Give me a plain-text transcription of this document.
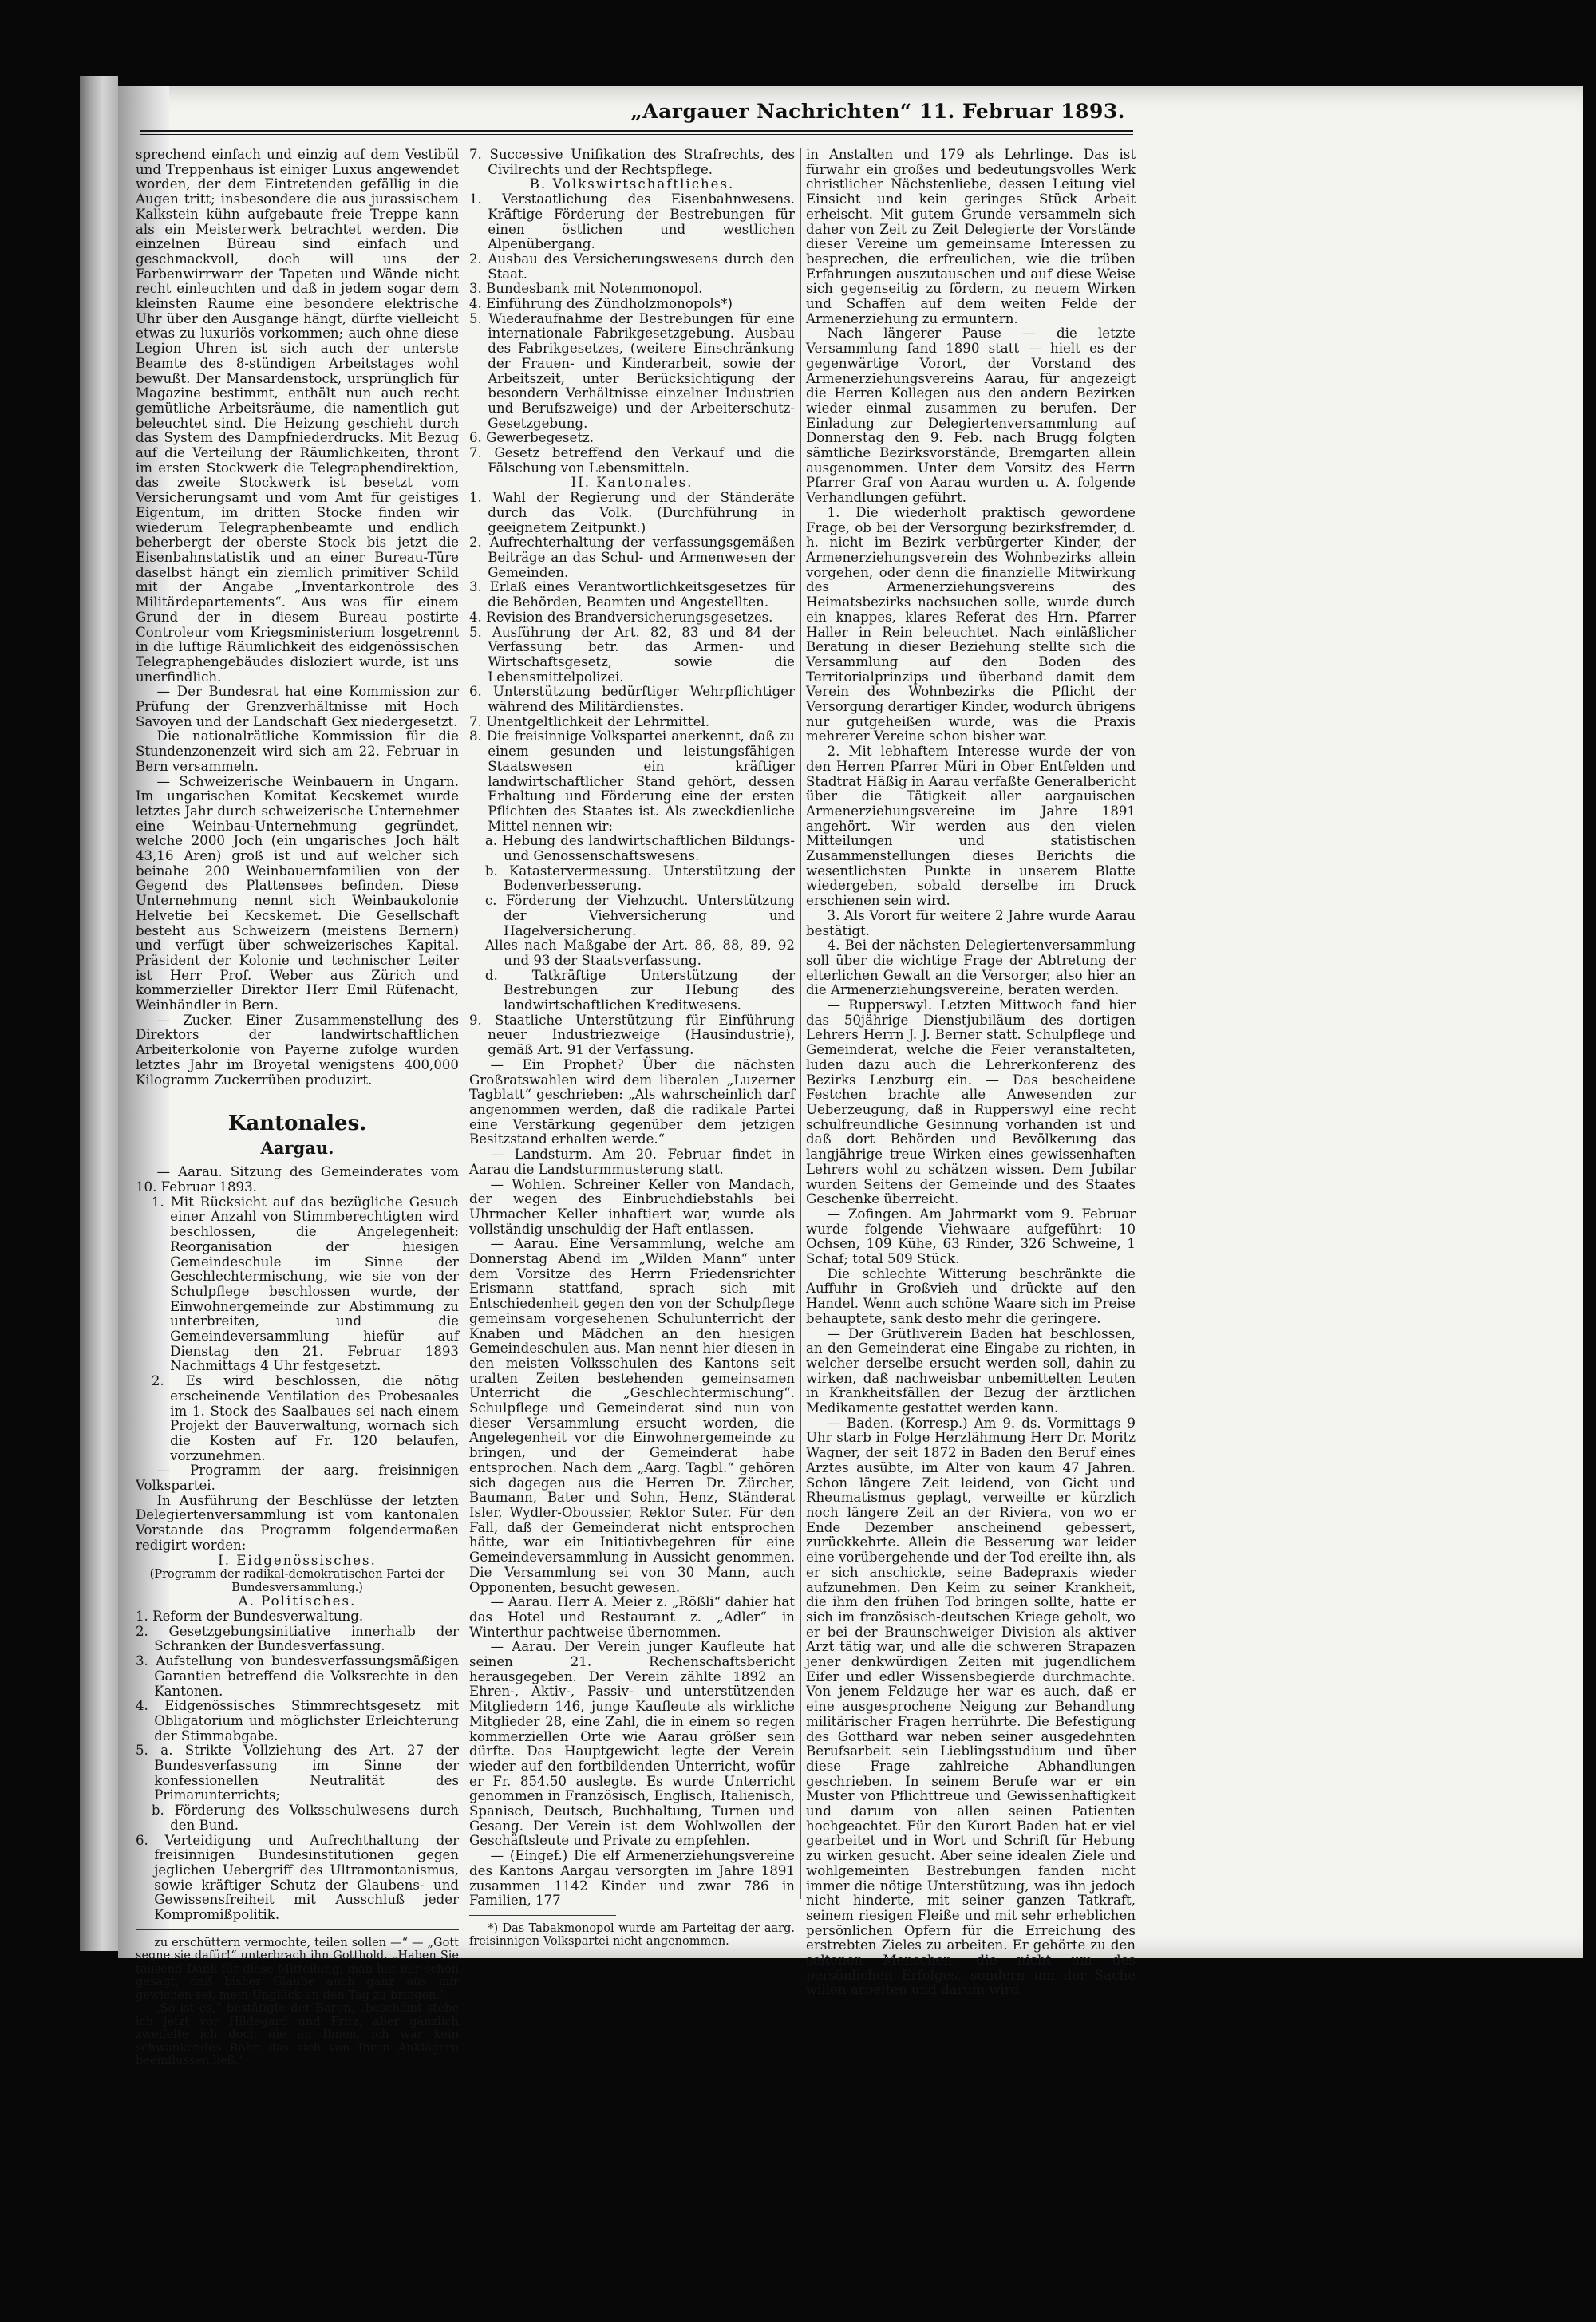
„Aargauer Nachrichten“ 11. Februar 1893.

sprechend einfach und einzig auf dem Vestibül und Treppenhaus ist einiger Luxus angewendet worden, der dem Eintretenden gefällig in die Augen tritt; insbesondere die aus jurassischem Kalkstein kühn aufgebaute freie Treppe kann als ein Meisterwerk betrachtet werden. Die einzelnen Büreau sind einfach und geschmackvoll, doch will uns der Farbenwirrwarr der Tapeten und Wände nicht recht einleuchten und daß in jedem sogar dem kleinsten Raume eine besondere elektrische Uhr über den Ausgange hängt, dürfte vielleicht etwas zu luxuriös vorkommen; auch ohne diese Legion Uhren ist sich auch der unterste Beamte des 8-stündigen Arbeitstages wohl bewußt. Der Mansardenstock, ursprünglich für Magazine bestimmt, enthält nun auch recht gemütliche Arbeitsräume, die namentlich gut beleuchtet sind. Die Heizung geschieht durch das System des Dampfniederdrucks. Mit Bezug auf die Verteilung der Räumlichkeiten, thront im ersten Stockwerk die Telegraphendirektion, das zweite Stockwerk ist besetzt vom Versicherungsamt und vom Amt für geistiges Eigentum, im dritten Stocke finden wir wiederum Telegraphenbeamte und endlich beherbergt der oberste Stock bis jetzt die Eisenbahnstatistik und an einer Bureau-Türe daselbst hängt ein ziemlich primitiver Schild mit der Angabe „Inventarkontrole des Militärdepartements“. Aus was für einem Grund der in diesem Bureau postirte Controleur vom Kriegsministerium losgetrennt in die luftige Räumlichkeit des eidgenössischen Telegraphengebäudes disloziert wurde, ist uns unerfindlich.

— Der Bundesrat hat eine Kommission zur Prüfung der Grenzverhältnisse mit Hoch Savoyen und der Landschaft Gex niedergesetzt.

Die nationalrätliche Kommission für die Stundenzonenzeit wird sich am 22. Februar in Bern versammeln.

— Schweizerische Weinbauern in Ungarn. Im ungarischen Komitat Kecskemet wurde letztes Jahr durch schweizerische Unternehmer eine Weinbau-Unternehmung gegründet, welche 2000 Joch (ein ungarisches Joch hält 43,16 Aren) groß ist und auf welcher sich beinahe 200 Weinbauernfamilien von der Gegend des Plattensees befinden. Diese Unternehmung nennt sich Weinbaukolonie Helvetie bei Kecskemet. Die Gesellschaft besteht aus Schweizern (meistens Bernern) und verfügt über schweizerisches Kapital. Präsident der Kolonie und technischer Leiter ist Herr Prof. Weber aus Zürich und kommerzieller Direktor Herr Emil Rüfenacht, Weinhändler in Bern.

— Zucker. Einer Zusammenstellung des Direktors der landwirtschaftlichen Arbeiterkolonie von Payerne zufolge wurden letztes Jahr im Broyetal wenigstens 400,000 Kilogramm Zuckerrüben produzirt.

Kantonales.
Aargau.

— Aarau. Sitzung des Gemeinderates vom 10. Februar 1893.

1. Mit Rücksicht auf das bezügliche Gesuch einer Anzahl von Stimmberechtigten wird beschlossen, die Angelegenheit: Reorganisation der hiesigen Gemeindeschule im Sinne der Geschlechtermischung, wie sie von der Schulpflege beschlossen wurde, der Einwohnergemeinde zur Abstimmung zu unterbreiten, und die Gemeindeversammlung hiefür auf Dienstag den 21. Februar 1893 Nachmittags 4 Uhr festgesetzt.

2. Es wird beschlossen, die nötig erscheinende Ventilation des Probesaales im 1. Stock des Saalbaues sei nach einem Projekt der Bauverwaltung, wornach sich die Kosten auf Fr. 120 belaufen, vorzunehmen.

— Programm der aarg. freisinnigen Volkspartei.

In Ausführung der Beschlüsse der letzten Delegiertenversammlung ist vom kantonalen Vorstande das Programm folgendermaßen redigirt worden:

I. Eidgenössisches.

(Programm der radikal-demokratischen Partei der Bundesversammlung.)

A. Politisches.

1. Reform der Bundesverwaltung.

2. Gesetzgebungsinitiative innerhalb der Schranken der Bundesverfassung.

3. Aufstellung von bundesverfassungsmäßigen Garantien betreffend die Volksrechte in den Kantonen.

4. Eidgenössisches Stimmrechtsgesetz mit Obligatorium und möglichster Erleichterung der Stimmabgabe.

5. a. Strikte Vollziehung des Art. 27 der Bundesverfassung im Sinne der konfessionellen Neutralität des Primarunterrichts;

b. Förderung des Volksschulwesens durch den Bund.

6. Verteidigung und Aufrechthaltung der freisinnigen Bundesinstitutionen gegen jeglichen Uebergriff des Ultramontanismus, sowie kräftiger Schutz der Glaubens- und Gewissensfreiheit mit Ausschluß jeder Kompromißpolitik.

zu erschüttern vermochte, teilen sollen —“ — „Gott segne sie dafür!“ unterbrach ihn Gotthold. „Haben Sie tausend Dank für diese Mitteilung; man hat mir schon gesagt, daß bisher Glaube auch ganz aus mir gewichen sei, mein Unglück an den Tag zu bringen.“

„So ist es,“ bestätigte der Baron, „beschämt stehe ich jetzt vor Hildegard und Fritz, aber gänzlich zweifelte ich doch nie an Ihnen, ich war kein schwankendes Rohr, das sich von Ihren Anklägern beeinflussen ließ.“

7. Successive Unifikation des Strafrechts, des Civilrechts und der Rechtspflege.

B. Volkswirtschaftliches.

1. Verstaatlichung des Eisenbahnwesens. Kräftige Förderung der Bestrebungen für einen östlichen und westlichen Alpenübergang.

2. Ausbau des Versicherungswesens durch den Staat.

3. Bundesbank mit Notenmonopol.

4. Einführung des Zündholzmonopols*)

5. Wiederaufnahme der Bestrebungen für eine internationale Fabrikgesetzgebung. Ausbau des Fabrikgesetzes, (weitere Einschränkung der Frauen- und Kinderarbeit, sowie der Arbeitszeit, unter Berücksichtigung der besondern Verhältnisse einzelner Industrien und Berufszweige) und der Arbeiterschutz-Gesetzgebung.

6. Gewerbegesetz.

7. Gesetz betreffend den Verkauf und die Fälschung von Lebensmitteln.

II. Kantonales.

1. Wahl der Regierung und der Ständeräte durch das Volk. (Durchführung in geeignetem Zeitpunkt.)

2. Aufrechterhaltung der verfassungsgemäßen Beiträge an das Schul- und Armenwesen der Gemeinden.

3. Erlaß eines Verantwortlichkeitsgesetzes für die Behörden, Beamten und Angestellten.

4. Revision des Brandversicherungsgesetzes.

5. Ausführung der Art. 82, 83 und 84 der Verfassung betr. das Armen- und Wirtschaftsgesetz, sowie die Lebensmittelpolizei.

6. Unterstützung bedürftiger Wehrpflichtiger während des Militärdienstes.

7. Unentgeltlichkeit der Lehrmittel.

8. Die freisinnige Volkspartei anerkennt, daß zu einem gesunden und leistungsfähigen Staatswesen ein kräftiger landwirtschaftlicher Stand gehört, dessen Erhaltung und Förderung eine der ersten Pflichten des Staates ist. Als zweckdienliche Mittel nennen wir:

a. Hebung des landwirtschaftlichen Bildungs- und Genossenschaftswesens.

b. Katastervermessung. Unterstützung der Bodenverbesserung.

c. Förderung der Viehzucht. Unterstützung der Viehversicherung und Hagelversicherung.

Alles nach Maßgabe der Art. 86, 88, 89, 92 und 93 der Staatsverfassung.

d. Tatkräftige Unterstützung der Bestrebungen zur Hebung des landwirtschaftlichen Kreditwesens.

9. Staatliche Unterstützung für Einführung neuer Industriezweige (Hausindustrie), gemäß Art. 91 der Verfassung.

— Ein Prophet? Über die nächsten Großratswahlen wird dem liberalen „Luzerner Tagblatt“ geschrieben: „Als wahrscheinlich darf angenommen werden, daß die radikale Partei eine Verstärkung gegenüber dem jetzigen Besitzstand erhalten werde.“

— Landsturm. Am 20. Februar findet in Aarau die Landsturmmusterung statt.

— Wohlen. Schreiner Keller von Mandach, der wegen des Einbruchdiebstahls bei Uhrmacher Keller inhaftiert war, wurde als vollständig unschuldig der Haft entlassen.

— Aarau. Eine Versammlung, welche am Donnerstag Abend im „Wilden Mann“ unter dem Vorsitze des Herrn Friedensrichter Erismann stattfand, sprach sich mit Entschiedenheit gegen den von der Schulpflege gemeinsam vorgesehenen Schulunterricht der Knaben und Mädchen an den hiesigen Gemeindeschulen aus. Man nennt hier diesen in den meisten Volksschulen des Kantons seit uralten Zeiten bestehenden gemeinsamen Unterricht die „Geschlechtermischung“. Schulpflege und Gemeinderat sind nun von dieser Versammlung ersucht worden, die Angelegenheit vor die Einwohnergemeinde zu bringen, und der Gemeinderat habe entsprochen. Nach dem „Aarg. Tagbl.“ gehören sich dagegen aus die Herren Dr. Zürcher, Baumann, Bater und Sohn, Henz, Ständerat Isler, Wydler-Oboussier, Rektor Suter. Für den Fall, daß der Gemeinderat nicht entsprochen hätte, war ein Initiativbegehren für eine Gemeindeversammlung in Aussicht genommen. Die Versammlung sei von 30 Mann, auch Opponenten, besucht gewesen.

— Aarau. Herr A. Meier z. „Rößli“ dahier hat das Hotel und Restaurant z. „Adler“ in Winterthur pachtweise übernommen.

— Aarau. Der Verein junger Kaufleute hat seinen 21. Rechenschaftsbericht herausgegeben. Der Verein zählte 1892 an Ehren-, Aktiv-, Passiv- und unterstützenden Mitgliedern 146, junge Kaufleute als wirkliche Mitglieder 28, eine Zahl, die in einem so regen kommerziellen Orte wie Aarau größer sein dürfte. Das Hauptgewicht legte der Verein wieder auf den fortbildenden Unterricht, wofür er Fr. 854.50 auslegte. Es wurde Unterricht genommen in Französisch, Englisch, Italienisch, Spanisch, Deutsch, Buchhaltung, Turnen und Gesang. Der Verein ist dem Wohlwollen der Geschäftsleute und Private zu empfehlen.

— (Eingef.) Die elf Armenerziehungsvereine des Kantons Aargau versorgten im Jahre 1891 zusammen 1142 Kinder und zwar 786 in Familien, 177

*) Das Tabakmonopol wurde am Parteitag der aarg. freisinnigen Volkspartei nicht angenommen.

in Anstalten und 179 als Lehrlinge. Das ist fürwahr ein großes und bedeutungsvolles Werk christlicher Nächstenliebe, dessen Leitung viel Einsicht und kein geringes Stück Arbeit erheischt. Mit gutem Grunde versammeln sich daher von Zeit zu Zeit Delegierte der Vorstände dieser Vereine um gemeinsame Interessen zu besprechen, die erfreulichen, wie die trüben Erfahrungen auszutauschen und auf diese Weise sich gegenseitig zu fördern, zu neuem Wirken und Schaffen auf dem weiten Felde der Armenerziehung zu ermuntern.

Nach längerer Pause — die letzte Versammlung fand 1890 statt — hielt es der gegenwärtige Vorort, der Vorstand des Armenerziehungsvereins Aarau, für angezeigt die Herren Kollegen aus den andern Bezirken wieder einmal zusammen zu berufen. Der Einladung zur Delegiertenversammlung auf Donnerstag den 9. Feb. nach Brugg folgten sämtliche Bezirksvorstände, Bremgarten allein ausgenommen. Unter dem Vorsitz des Herrn Pfarrer Graf von Aarau wurden u. A. folgende Verhandlungen geführt.

1. Die wiederholt praktisch gewordene Frage, ob bei der Versorgung bezirksfremder, d. h. nicht im Bezirk verbürgerter Kinder, der Armenerziehungsverein des Wohnbezirks allein vorgehen, oder denn die finanzielle Mitwirkung des Armenerziehungsvereins des Heimatsbezirks nachsuchen solle, wurde durch ein knappes, klares Referat des Hrn. Pfarrer Haller in Rein beleuchtet. Nach einläßlicher Beratung in dieser Beziehung stellte sich die Versammlung auf den Boden des Territorialprinzips und überband damit dem Verein des Wohnbezirks die Pflicht der Versorgung derartiger Kinder, wodurch übrigens nur gutgeheißen wurde, was die Praxis mehrerer Vereine schon bisher war.

2. Mit lebhaftem Interesse wurde der von den Herren Pfarrer Müri in Ober Entfelden und Stadtrat Häßig in Aarau verfaßte Generalbericht über die Tätigkeit aller aargauischen Armenerziehungsvereine im Jahre 1891 angehört. Wir werden aus den vielen Mitteilungen und statistischen Zusammenstellungen dieses Berichts die wesentlichsten Punkte in unserem Blatte wiedergeben, sobald derselbe im Druck erschienen sein wird.

3. Als Vorort für weitere 2 Jahre wurde Aarau bestätigt.

4. Bei der nächsten Delegiertenversammlung soll über die wichtige Frage der Abtretung der elterlichen Gewalt an die Versorger, also hier an die Armenerziehungsvereine, beraten werden.

— Rupperswyl. Letzten Mittwoch fand hier das 50jährige Dienstjubiläum des dortigen Lehrers Herrn J. J. Berner statt. Schulpflege und Gemeinderat, welche die Feier veranstalteten, luden dazu auch die Lehrerkonferenz des Bezirks Lenzburg ein. — Das bescheidene Festchen brachte alle Anwesenden zur Ueberzeugung, daß in Rupperswyl eine recht schulfreundliche Gesinnung vorhanden ist und daß dort Behörden und Bevölkerung das langjährige treue Wirken eines gewissenhaften Lehrers wohl zu schätzen wissen. Dem Jubilar wurden Seitens der Gemeinde und des Staates Geschenke überreicht.

— Zofingen. Am Jahrmarkt vom 9. Februar wurde folgende Viehwaare aufgeführt: 10 Ochsen, 109 Kühe, 63 Rinder, 326 Schweine, 1 Schaf; total 509 Stück.

Die schlechte Witterung beschränkte die Auffuhr in Großvieh und drückte auf den Handel. Wenn auch schöne Waare sich im Preise behauptete, sank desto mehr die geringere.

— Der Grütliverein Baden hat beschlossen, an den Gemeinderat eine Eingabe zu richten, in welcher derselbe ersucht werden soll, dahin zu wirken, daß nachweisbar unbemittelten Leuten in Krankheitsfällen der Bezug der ärztlichen Medikamente gestattet werden kann.

— Baden. (Korresp.) Am 9. ds. Vormittags 9 Uhr starb in Folge Herzlähmung Herr Dr. Moritz Wagner, der seit 1872 in Baden den Beruf eines Arztes ausübte, im Alter von kaum 47 Jahren. Schon längere Zeit leidend, von Gicht und Rheumatismus geplagt, verweilte er kürzlich noch längere Zeit an der Riviera, von wo er Ende Dezember anscheinend gebessert, zurückkehrte. Allein die Besserung war leider eine vorübergehende und der Tod ereilte ihn, als er sich anschickte, seine Badepraxis wieder aufzunehmen. Den Keim zu seiner Krankheit, die ihm den frühen Tod bringen sollte, hatte er sich im französisch-deutschen Kriege geholt, wo er bei der Braunschweiger Division als aktiver Arzt tätig war, und alle die schweren Strapazen jener denkwürdigen Zeiten mit jugendlichem Eifer und edler Wissensbegierde durchmachte. Von jenem Feldzuge her war es auch, daß er eine ausgesprochene Neigung zur Behandlung militärischer Fragen herrührte. Die Befestigung des Gotthard war neben seiner ausgedehnten Berufsarbeit sein Lieblingsstudium und über diese Frage zahlreiche Abhandlungen geschrieben. In seinem Berufe war er ein Muster von Pflichttreue und Gewissenhaftigkeit und darum von allen seinen Patienten hochgeachtet. Für den Kurort Baden hat er viel gearbeitet und in Wort und Schrift für Hebung zu wirken gesucht. Aber seine idealen Ziele und wohlgemeinten Bestrebungen fanden nicht immer die nötige Unterstützung, was ihn jedoch nicht hinderte, mit seiner ganzen Tatkraft, seinem riesigen Fleiße und mit sehr erheblichen persönlichen Opfern für die Erreichung des erstrebten Zieles zu arbeiten. Er gehörte zu den seltenen Menschen, die nicht um des persönlichen Erfolges, sondern um der Sache willen arbeiten und darum wird
